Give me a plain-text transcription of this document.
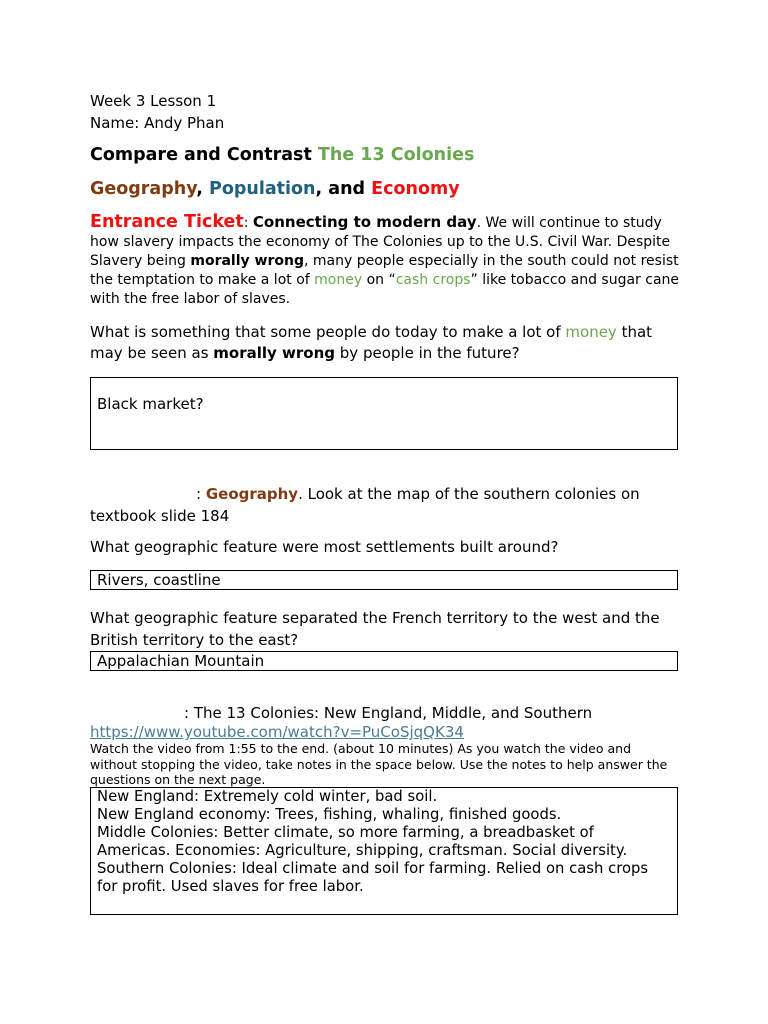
Week 3 Lesson 1
Name: Andy Phan
Compare and Contrast The 13 Colonies
Geography, Population, and Economy
Entrance Ticket: Connecting to modern day. We will continue to study how slavery impacts the economy of The Colonies up to the U.S. Civil War. Despite Slavery being morally wrong, many people especially in the south could not resist the temptation to make a lot of money on “cash crops” like tobacco and sugar cane with the free labor of slaves.
What is something that some people do today to make a lot of money that may be seen as morally wrong by people in the future?
Black market?
: Geography. Look at the map of the southern colonies on textbook slide 184
What geographic feature were most settlements built around?
Rivers, coastline
What geographic feature separated the French territory to the west and the British territory to the east?
Appalachian Mountain
: The 13 Colonies: New England, Middle, and Southern
https://www.youtube.com/watch?v=PuCoSjqQK34
Watch the video from 1:55 to the end. (about 10 minutes) As you watch the video and without stopping the video, take notes in the space below. Use the notes to help answer the questions on the next page.
New England: Extremely cold winter, bad soil.
New England economy: Trees, fishing, whaling, finished goods.
Middle Colonies: Better climate, so more farming, a breadbasket of Americas. Economies: Agriculture, shipping, craftsman. Social diversity.
Southern Colonies: Ideal climate and soil for farming. Relied on cash crops for profit. Used slaves for free labor.
